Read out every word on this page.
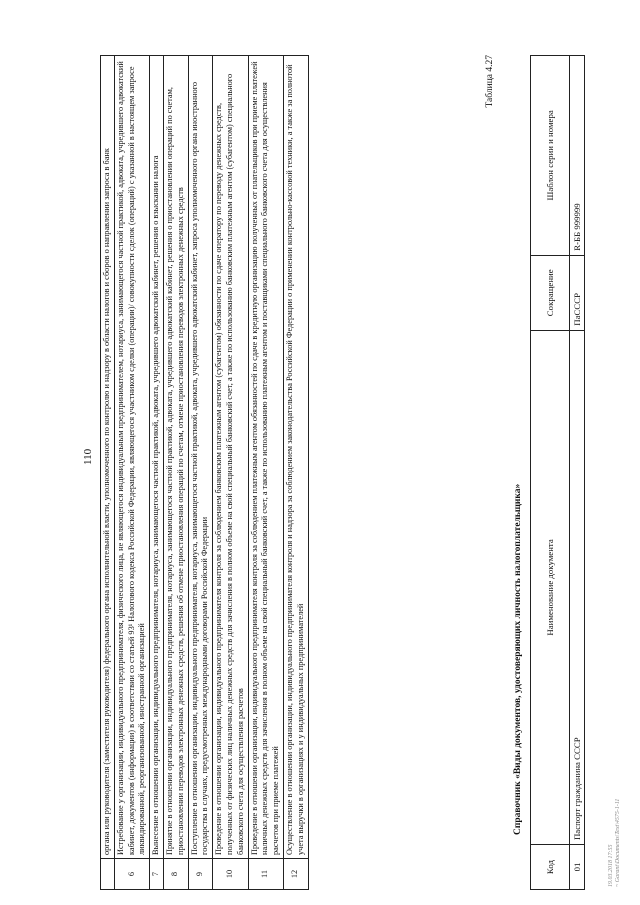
110
	органа или руководителя (заместителя руководителя) федерального органа исполнительной власти, уполномоченного по контролю и надзору в области налогов и сборов о направлении запроса в банк
6	Истребование у организации, индивидуального предпринимателя, физического лица, не являющегося индивидуальным предпринимателем, нотариуса, занимающегося частной практикой, адвоката, учредившего адвокатский кабинет, документов (информации) в соответствии со статьей 93¹ Налогового кодекса Российской Федерации, являющегося участником сделки (операции)/ совокупности сделок (операций) с указанной в настоящем запросе ликвидированной, реорганизованной, иностранной организацией
7	Вынесение в отношении организации, индивидуального предпринимателя, нотариуса, занимающегося частной практикой, адвоката, учредившего адвокатский кабинет, решения о взыскании налога
8	Принятие в отношении организации, индивидуального предпринимателя, нотариуса, занимающегося частной практикой, адвоката, учредившего адвокатский кабинет, решения о приостановлении операций по счетам, приостановлении переводов электронных денежных средств, решения об отмене приостановления операций по счетам, отмене приостановления переводов электронных денежных средств
9	Поступление в отношении организации, индивидуального предпринимателя, нотариуса, занимающегося частной практикой, адвоката, учредившего адвокатский кабинет, запроса уполномоченного органа иностранного государства в случаях, предусмотренных международными договорами Российской Федерации
10	Проведение в отношении организации, индивидуального предпринимателя контроля за соблюдением банковским платежным агентом (субагентом) обязанности по сдаче оператору по переводу денежных средств, полученных от физических лиц наличных денежных средств для зачисления в полном объеме на свой специальный банковский счет, а также по использованию банковским платежным агентом (субагентом) специального банковского счета для осуществления расчетов
11	Проведение в отношении организации, индивидуального предпринимателя контроля за соблюдением платежным агентом обязанностей по сдаче в кредитную организацию полученных от плательщиков при приеме платежей наличных денежных средств для зачисления в полном объеме на свой специальный банковский счет, а также по использованию платежным агентом и поставщиками специального банковского счета для осуществления расчетов при приеме платежей
12	Осуществление в отношении организации, индивидуального предпринимателя контроля и надзора за соблюдением законодательства Российской Федерации о применении контрольно-кассовой техники, а также за полнотой учета выручки в организациях и у индивидуальных предпринимателей
Таблица 4.27
Справочник «Виды документов, удостоверяющих личность налогоплательщика»
Код	Наименование документа	Сокращение	Шаблон серии и номера
01	Паспорт гражданина СССР	ПаСССР	R-ББ 999999
19.03.2018 17:55 ~ Garant\Documents\Text\4575-1-11
